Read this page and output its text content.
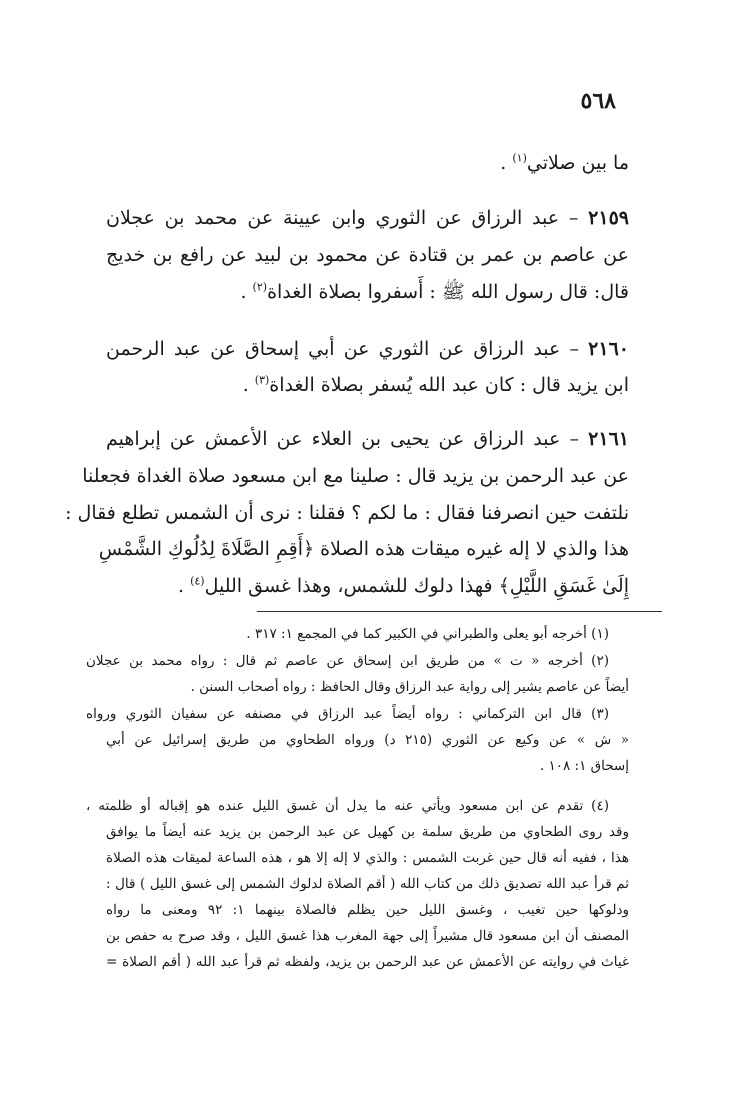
٥٦٨
ما بين صلاتي$^{(١)}$ .
٢١٥٩ – عبد الرزاق عن الثوري وابن عيينة عن محمد بن عجلان
عن عاصم بن عمر بن قتادة عن محمود بن لبيد عن رافع بن خديج
قال: قال رسول الله ﷺ : أَسفروا بصلاة الغداة$^{(٢)}$ .
٢١٦٠ – عبد الرزاق عن الثوري عن أبي إسحاق عن عبد الرحمن
ابن يزيد قال : كان عبد الله يُسفر بصلاة الغداة$^{(٣)}$ .
٢١٦١ – عبد الرزاق عن يحيى بن العلاء عن الأعمش عن إبراهيم
عن عبد الرحمن بن يزيد قال : صلينا مع ابن مسعود صلاة الغداة فجعلنا
نلتفت حين انصرفنا فقال : ما لكم ؟ فقلنا : نرى أن الشمس تطلع فقال :
هذا والذي لا إله غيره ميقات هذه الصلاة ﴿أَقِمِ الصَّلَاةَ لِدُلُوكِ الشَّمْسِ
إِلَىٰ غَسَقِ اللَّيْلِ﴾ فهذا دلوك للشمس، وهذا غسق الليل$^{(٤)}$ .
(١) أخرجه أبو يعلى والطبراني في الكبير كما في المجمع ١: ٣١٧ .
(٢) أخرجه « ت » من طريق ابن إسحاق عن عاصم ثم قال : رواه محمد بن عجلان
أيضاً عن عاصم يشير إلى رواية عبد الرزاق وقال الحافظ : رواه أصحاب السنن .
(٣) قال ابن التركماني : رواه أيضاً عبد الرزاق في مصنفه عن سفيان الثوري ورواه
« ش » عن وكيع عن الثوري (٢١٥ د) ورواه الطحاوي من طريق إسرائيل عن أبي
إسحاق ١: ١٠٨ .
(٤) تقدم عن ابن مسعود ويأتي عنه ما يدل أن غسق الليل عنده هو إقباله أو ظلمته ،
وقد روى الطحاوي من طريق سلمة بن كهيل عن عبد الرحمن بن يزيد عنه أيضاً ما يوافق
هذا ، ففيه أنه قال حين غربت الشمس : والذي لا إله إلا هو ، هذه الساعة لميقات هذه الصلاة
ثم قرأ عبد الله تصديق ذلك من كتاب الله ( أقم الصلاة لدلوك الشمس إلى غسق الليل ) قال :
ودلوكها حين تغيب ، وغسق الليل حين يظلم فالصلاة بينهما ١: ٩٢ ومعنى ما رواه
المصنف أن ابن مسعود قال مشيراً إلى جهة المغرب هذا غسق الليل ، وقد صرح به حفص بن
غياث في روايته عن الأعمش عن عبد الرحمن بن يزيد، ولفظه ثم قرأ عبد الله ( أقم الصلاة =
